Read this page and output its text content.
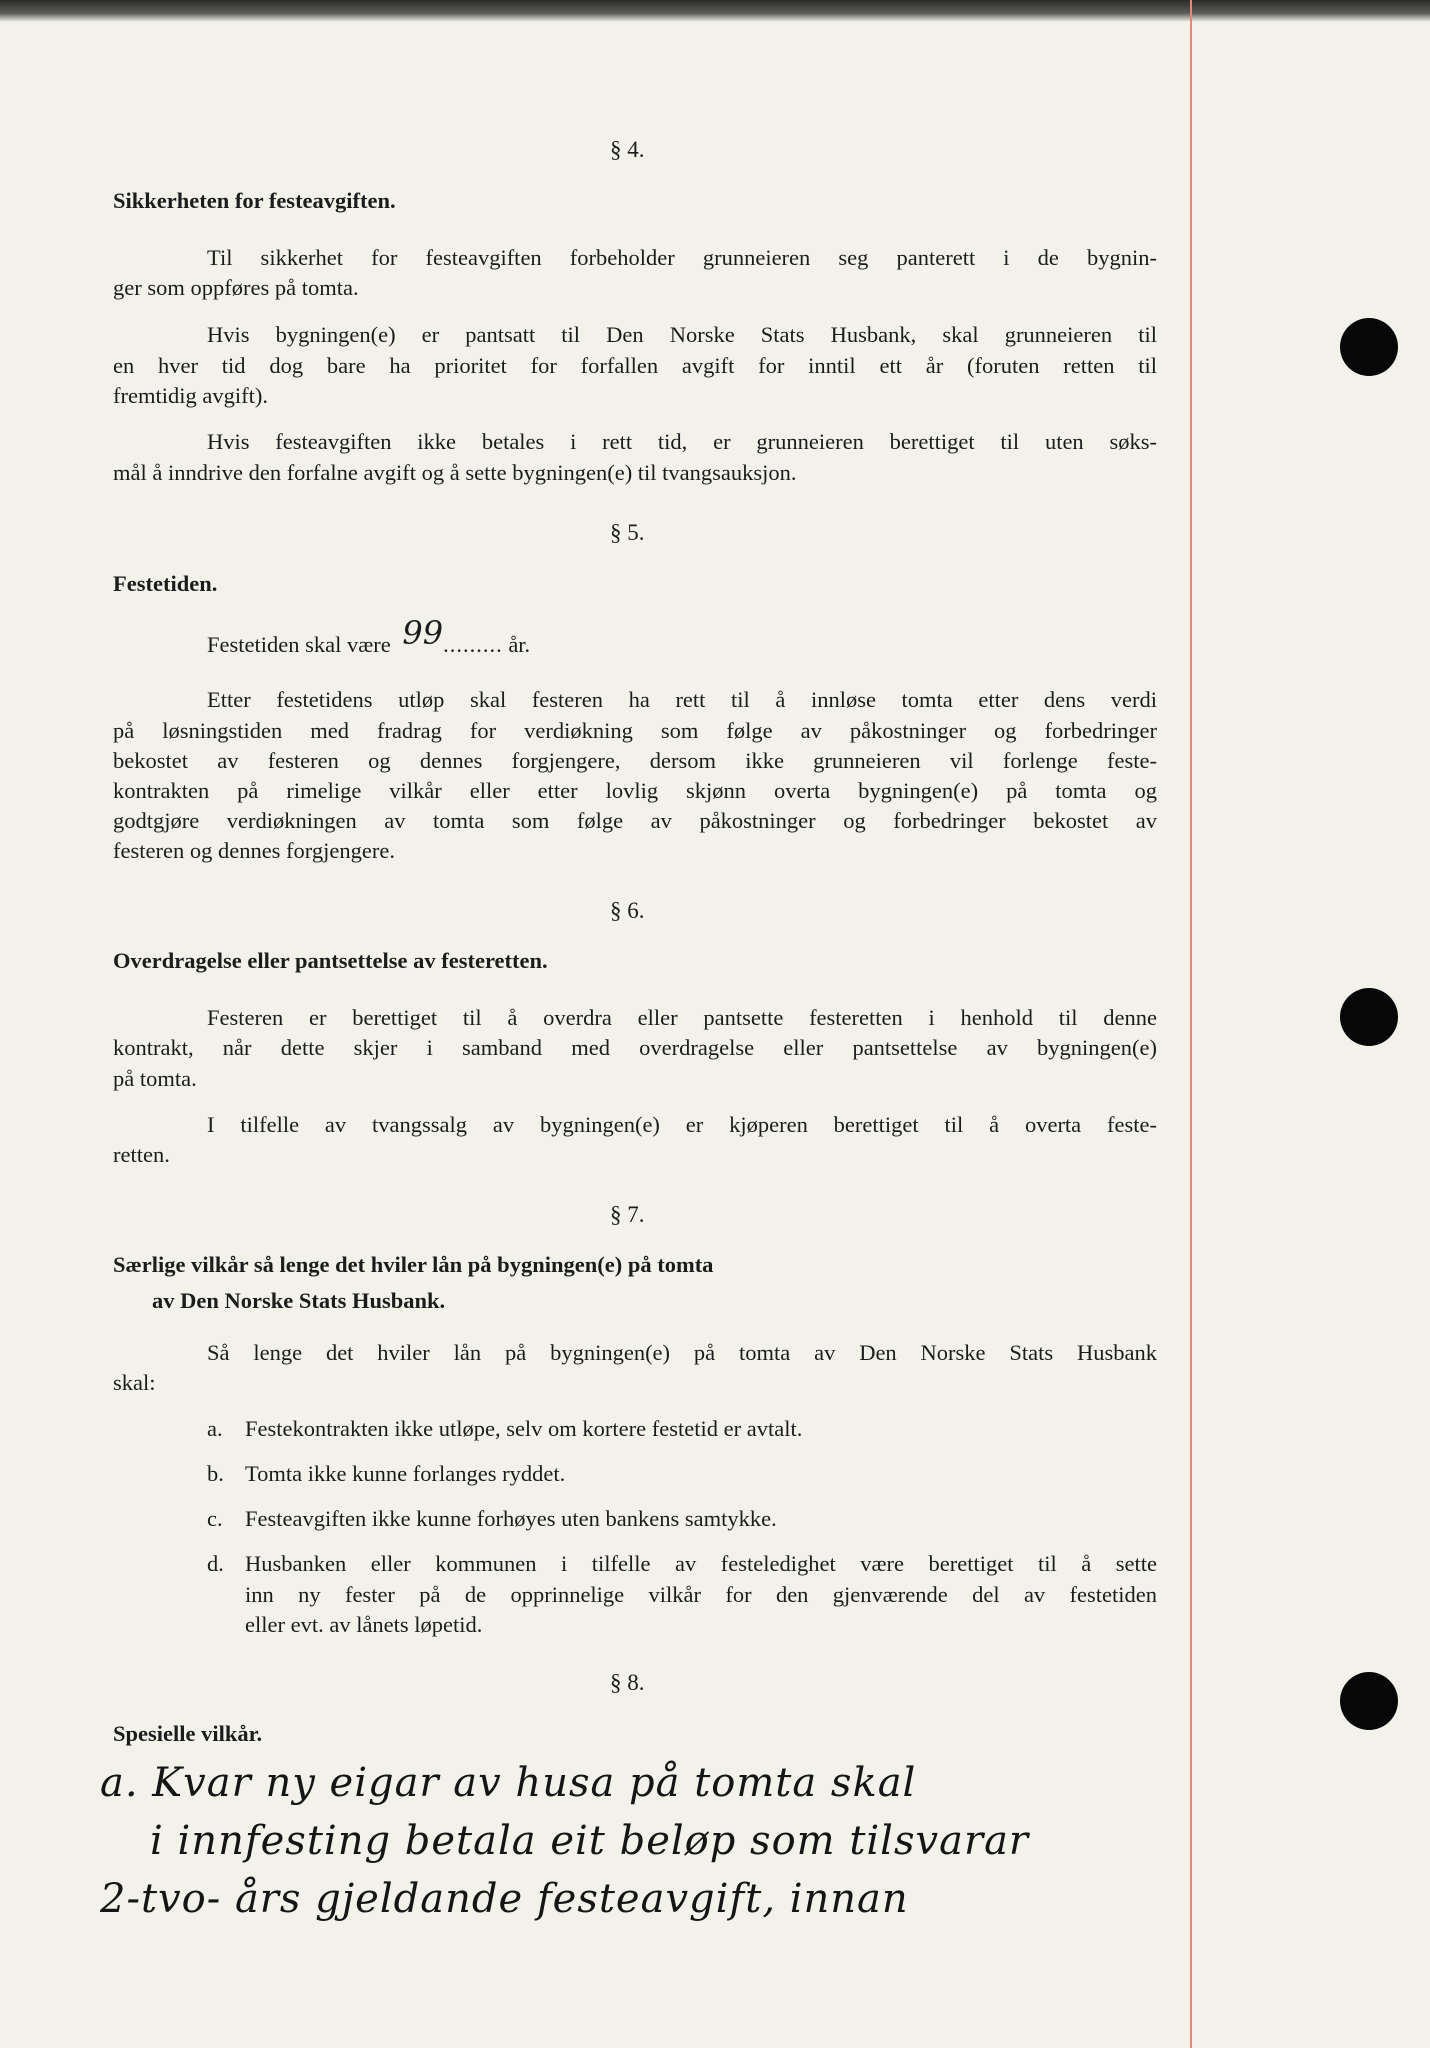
§ 4.
Sikkerheten for festeavgiften.
Til sikkerhet for festeavgiften forbeholder grunneieren seg panterett i de bygnin-
ger som oppføres på tomta.
Hvis bygningen(e) er pantsatt til Den Norske Stats Husbank, skal grunneieren til
en hver tid dog bare ha prioritet for forfallen avgift for inntil ett år (foruten retten til
fremtidig avgift).
Hvis festeavgiften ikke betales i rett tid, er grunneieren berettiget til uten søks-
mål å inndrive den forfalne avgift og å sette bygningen(e) til tvangsauksjon.
§ 5.
Festetiden.
Festetiden skal være 99......... år.
Etter festetidens utløp skal festeren ha rett til å innløse tomta etter dens verdi
på løsningstiden med fradrag for verdiøkning som følge av påkostninger og forbedringer
bekostet av festeren og dennes forgjengere, dersom ikke grunneieren vil forlenge feste-
kontrakten på rimelige vilkår eller etter lovlig skjønn overta bygningen(e) på tomta og
godtgjøre verdiøkningen av tomta som følge av påkostninger og forbedringer bekostet av
festeren og dennes forgjengere.
§ 6.
Overdragelse eller pantsettelse av festeretten.
Festeren er berettiget til å overdra eller pantsette festeretten i henhold til denne
kontrakt, når dette skjer i samband med overdragelse eller pantsettelse av bygningen(e)
på tomta.
I tilfelle av tvangssalg av bygningen(e) er kjøperen berettiget til å overta feste-
retten.
§ 7.
Særlige vilkår så lenge det hviler lån på bygningen(e) på tomta
av Den Norske Stats Husbank.
Så lenge det hviler lån på bygningen(e) på tomta av Den Norske Stats Husbank
skal:
a. Festekontrakten ikke utløpe, selv om kortere festetid er avtalt.
b. Tomta ikke kunne forlanges ryddet.
c. Festeavgiften ikke kunne forhøyes uten bankens samtykke.
d. Husbanken eller kommunen i tilfelle av festeledighet være berettiget til å sette
inn ny fester på de opprinnelige vilkår for den gjenværende del av festetiden
eller evt. av lånets løpetid.
§ 8.
Spesielle vilkår.
a. Kvar ny eigar av husa på tomta skal
i innfesting betala eit beløp som tilsvarar
2-tvo- års gjeldande festeavgift, innan
